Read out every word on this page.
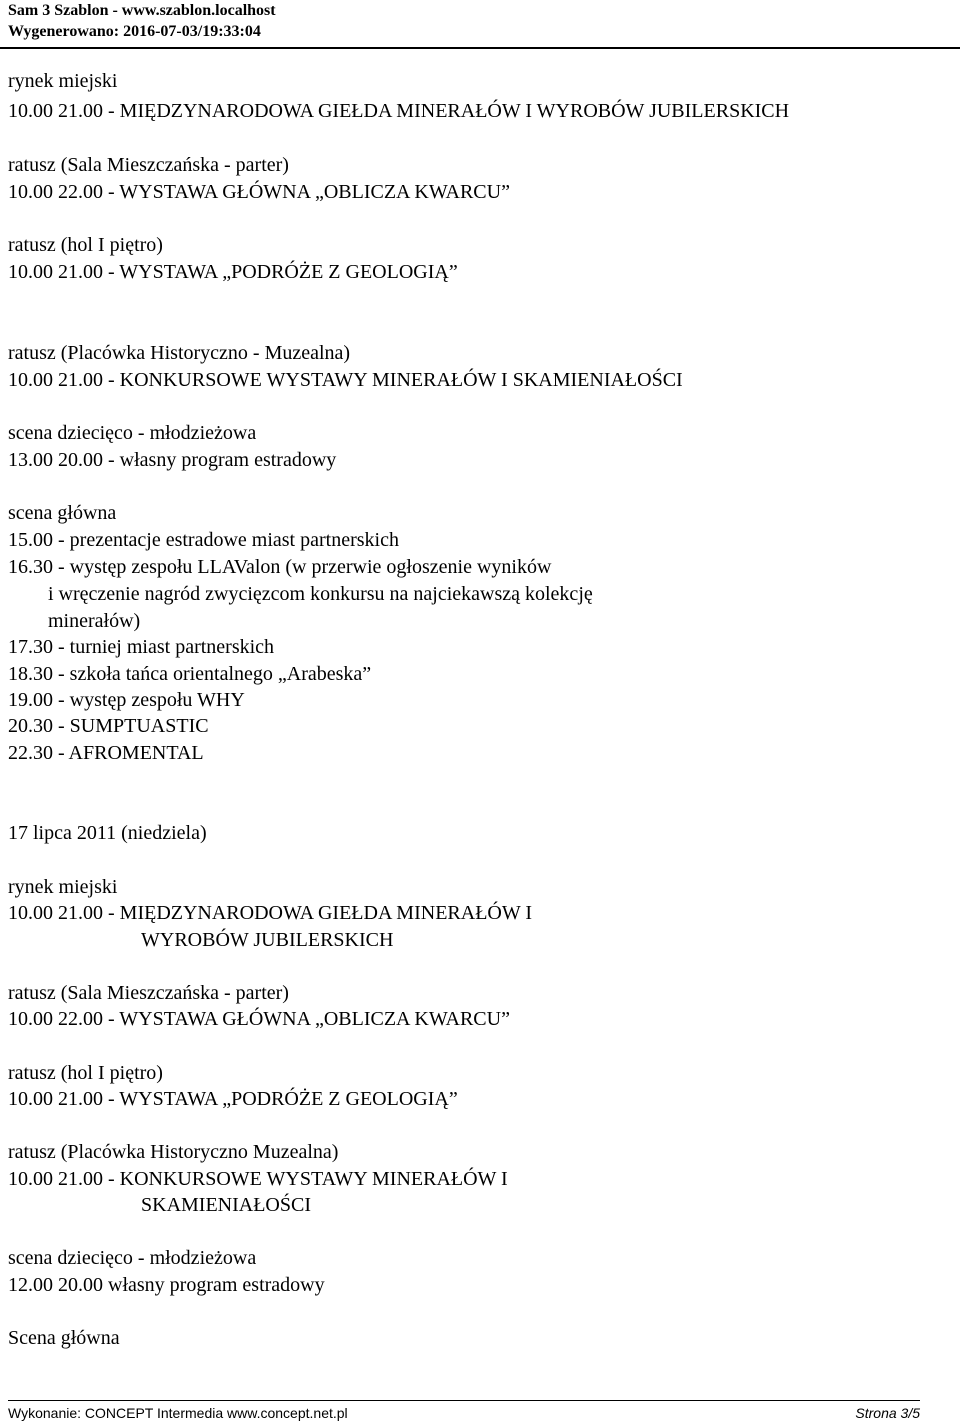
Sam 3 Szablon - www.szablon.localhost
Wygenerowano: 2016-07-03/19:33:04
rynek miejski
10.00 21.00 - MIĘDZYNARODOWA GIEŁDA MINERAŁÓW I WYROBÓW JUBILERSKICH
ratusz (Sala Mieszczańska - parter)
10.00 22.00 - WYSTAWA GŁÓWNA „OBLICZA KWARCU”
ratusz (hol I piętro)
10.00 21.00 - WYSTAWA „PODRÓŻE Z GEOLOGIĄ”
ratusz (Placówka Historyczno - Muzealna)
10.00 21.00 - KONKURSOWE WYSTAWY MINERAŁÓW I SKAMIENIAŁOŚCI
scena dziecięco - młodzieżowa
13.00 20.00 - własny program estradowy
scena główna
15.00 - prezentacje estradowe miast partnerskich
16.30 - występ zespołu LLAValon (w przerwie ogłoszenie wyników
i wręczenie nagród zwycięzcom konkursu na najciekawszą kolekcję
minerałów)
17.30 - turniej miast partnerskich
18.30 - szkoła tańca orientalnego „Arabeska”
19.00 - występ zespołu WHY
20.30 - SUMPTUASTIC
22.30 - AFROMENTAL
17 lipca 2011 (niedziela)
rynek miejski
10.00 21.00 - MIĘDZYNARODOWA GIEŁDA MINERAŁÓW I
WYROBÓW JUBILERSKICH
ratusz (Sala Mieszczańska - parter)
10.00 22.00 - WYSTAWA GŁÓWNA „OBLICZA KWARCU”
ratusz (hol I piętro)
10.00 21.00 - WYSTAWA „PODRÓŻE Z GEOLOGIĄ”
ratusz (Placówka Historyczno Muzealna)
10.00 21.00 - KONKURSOWE WYSTAWY MINERAŁÓW I
SKAMIENIAŁOŚCI
scena dziecięco - młodzieżowa
12.00 20.00 własny program estradowy
Scena główna
Wykonanie: CONCEPT Intermedia www.concept.net.pl	Strona 3/5
